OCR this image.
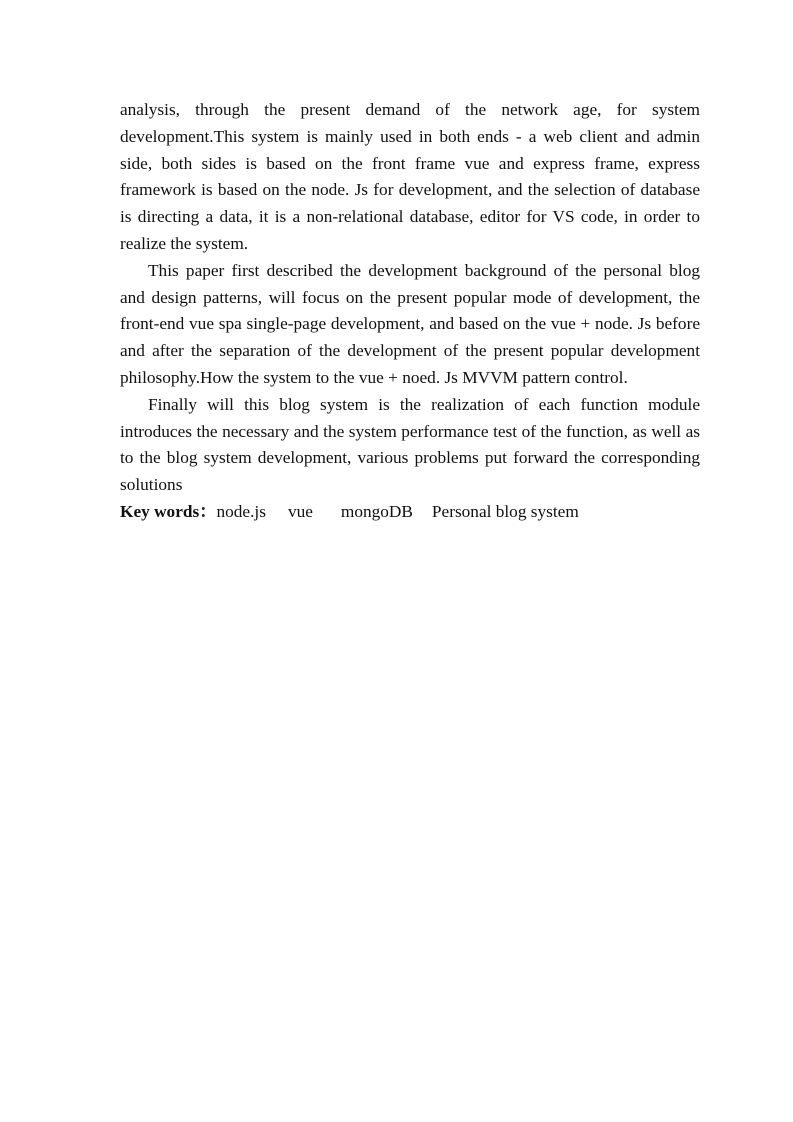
analysis, through the present demand of the network age, for system development.This system is mainly used in both ends - a web client and admin side, both sides is based on the front frame vue and express frame, express framework is based on the node. Js for development, and the selection of database is directing a data, it is a non-relational database, editor for VS code, in order to realize the system.

This paper first described the development background of the personal blog and design patterns, will focus on the present popular mode of development, the front-end vue spa single-page development, and based on the vue + node. Js before and after the separation of the development of the present popular development philosophy.How the system to the vue + noed. Js MVVM pattern control.

Finally will this blog system is the realization of each function module introduces the necessary and the system performance test of the function, as well as to the blog system development, various problems put forward the corresponding solutions

Key words：node.js vue mongoDB Personal blog system
